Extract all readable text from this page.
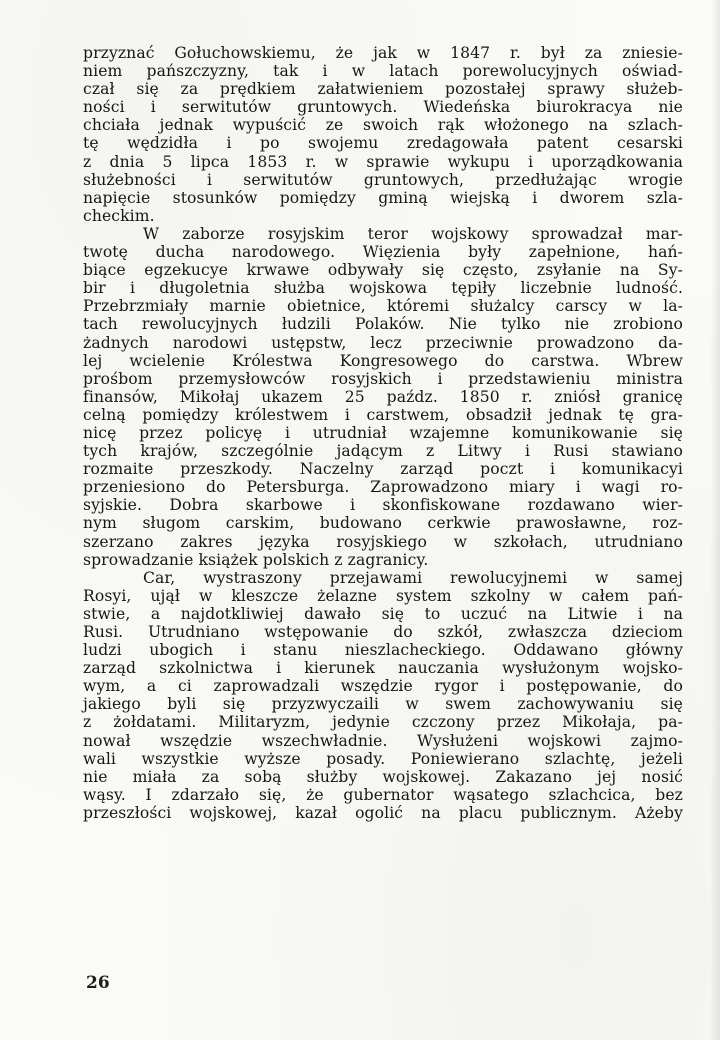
przyznać Gołuchowskiemu, że jak w 1847 r. był za zniesie-
niem pańszczyzny, tak i w latach porewolucyjnych oświad-
czał się za prędkiem załatwieniem pozostałej sprawy służeb-
ności i serwitutów gruntowych. Wiedeńska biurokracya nie
chciała jednak wypuścić ze swoich rąk włożonego na szlach-
tę wędzidła i po swojemu zredagowała patent cesarski
z dnia 5 lipca 1853 r. w sprawie wykupu i uporządkowania
służebności i serwitutów gruntowych, przedłużając wrogie
napięcie stosunków pomiędzy gminą wiejską i dworem szla-
checkim.
W zaborze rosyjskim teror wojskowy sprowadzał mar-
twotę ducha narodowego. Więzienia były zapełnione, hań-
biące egzekucye krwawe odbywały się często, zsyłanie na Sy-
bir i długoletnia służba wojskowa tępiły liczebnie ludność.
Przebrzmiały marnie obietnice, któremi służalcy carscy w la-
tach rewolucyjnych łudzili Polaków. Nie tylko nie zrobiono
żadnych narodowi ustępstw, lecz przeciwnie prowadzono da-
lej wcielenie Królestwa Kongresowego do carstwa. Wbrew
prośbom przemysłowców rosyjskich i przedstawieniu ministra
finansów, Mikołaj ukazem 25 paźdz. 1850 r. zniósł granicę
celną pomiędzy królestwem i carstwem, obsadził jednak tę gra-
nicę przez policyę i utrudniał wzajemne komunikowanie się
tych krajów, szczególnie jadącym z Litwy i Rusi stawiano
rozmaite przeszkody. Naczelny zarząd poczt i komunikacyi
przeniesiono do Petersburga. Zaprowadzono miary i wagi ro-
syjskie. Dobra skarbowe i skonfiskowane rozdawano wier-
nym sługom carskim, budowano cerkwie prawosławne, roz-
szerzano zakres języka rosyjskiego w szkołach, utrudniano
sprowadzanie książek polskich z zagranicy.
Car, wystraszony przejawami rewolucyjnemi w samej
Rosyi, ujął w kleszcze żelazne system szkolny w całem pań-
stwie, a najdotkliwiej dawało się to uczuć na Litwie i na
Rusi. Utrudniano wstępowanie do szkół, zwłaszcza dzieciom
ludzi ubogich i stanu nieszlacheckiego. Oddawano główny
zarząd szkolnictwa i kierunek nauczania wysłużonym wojsko-
wym, a ci zaprowadzali wszędzie rygor i postępowanie, do
jakiego byli się przyzwyczaili w swem zachowywaniu się
z żołdatami. Militaryzm, jedynie czczony przez Mikołaja, pa-
nował wszędzie wszechwładnie. Wysłużeni wojskowi zajmo-
wali wszystkie wyższe posady. Poniewierano szlachtę, jeżeli
nie miała za sobą służby wojskowej. Zakazano jej nosić
wąsy. I zdarzało się, że gubernator wąsatego szlachcica, bez
przeszłości wojskowej, kazał ogolić na placu publicznym. Ażeby
26
